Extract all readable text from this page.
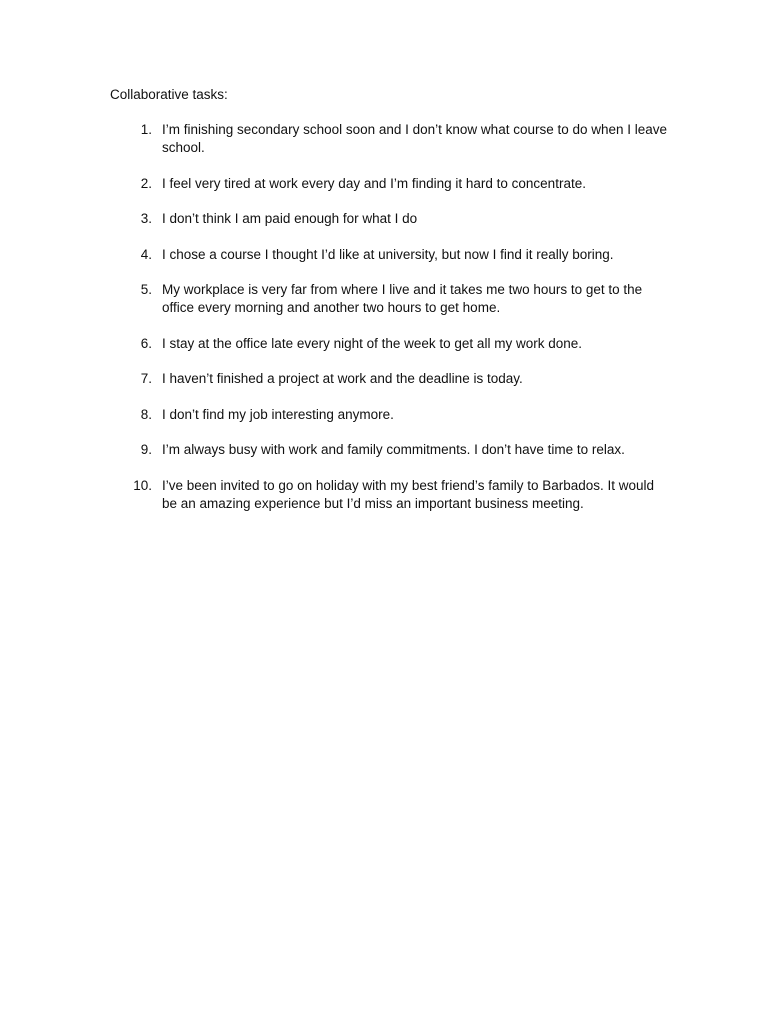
Collaborative tasks:

1. I’m finishing secondary school soon and I don’t know what course to do when I leave school.
2. I feel very tired at work every day and I’m finding it hard to concentrate.
3. I don’t think I am paid enough for what I do
4. I chose a course I thought I’d like at university, but now I find it really boring.
5. My workplace is very far from where I live and it takes me two hours to get to the office every morning and another two hours to get home.
6. I stay at the office late every night of the week to get all my work done.
7. I haven’t finished a project at work and the deadline is today.
8. I don’t find my job interesting anymore.
9. I’m always busy with work and family commitments. I don’t have time to relax.
10. I’ve been invited to go on holiday with my best friend’s family to Barbados. It would be an amazing experience but I’d miss an important business meeting.
